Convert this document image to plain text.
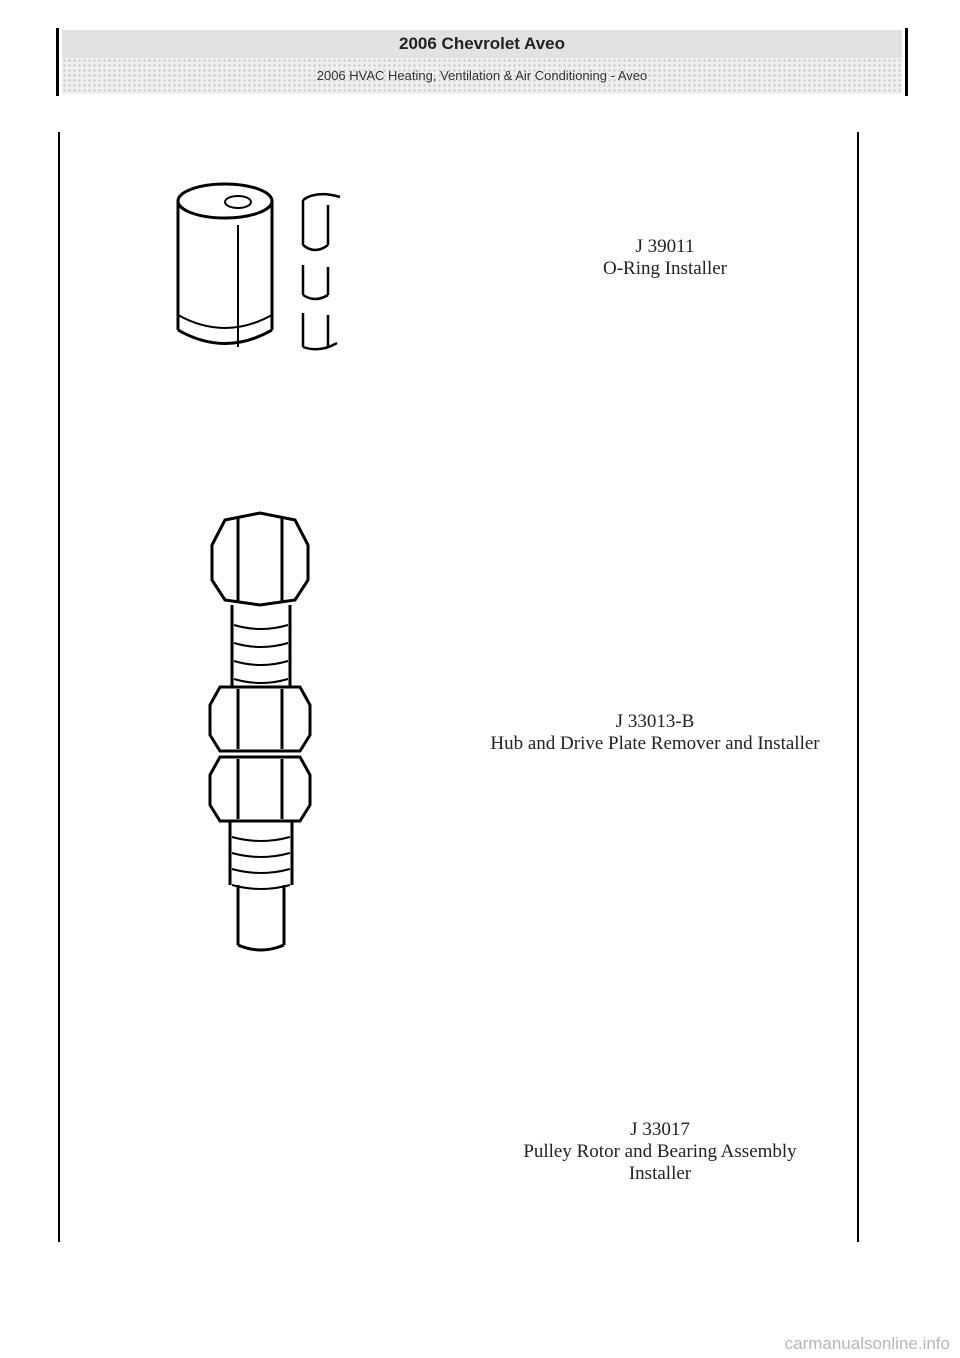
2006 Chevrolet Aveo
2006 HVAC Heating, Ventilation & Air Conditioning - Aveo
J 39011
O-Ring Installer
J 33013-B
Hub and Drive Plate Remover and Installer
J 33017
Pulley Rotor and Bearing Assembly
Installer
carmanualsonline.info
